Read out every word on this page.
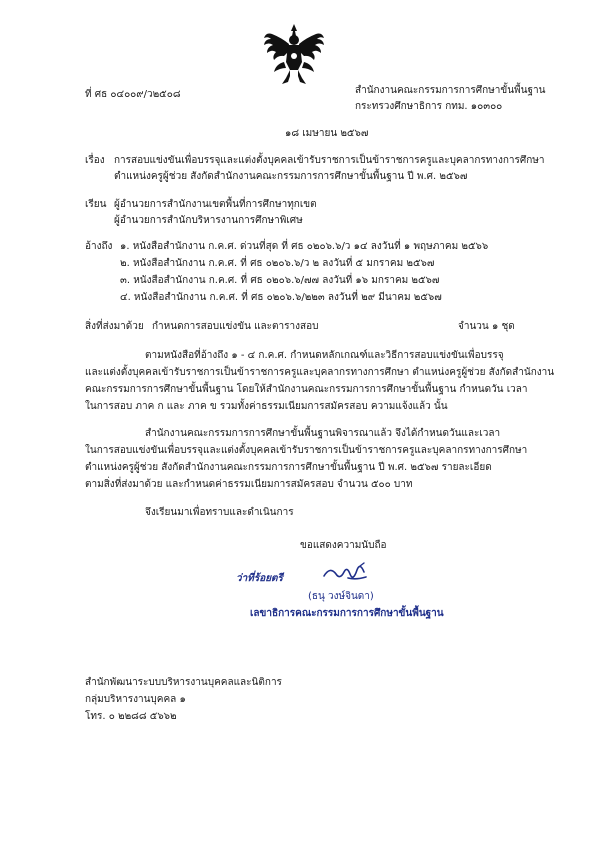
ที่ ศธ ๐๔๐๐๙/ว๒๕๐๘	สำนักงานคณะกรรมการการศึกษาขั้นพื้นฐาน
กระทรวงศึกษาธิการ กทม. ๑๐๓๐๐
๑๘ เมษายน ๒๕๖๗
เรื่อง การสอบแข่งขันเพื่อบรรจุและแต่งตั้งบุคคลเข้ารับราชการเป็นข้าราชการครูและบุคลากรทางการศึกษา
ตำแหน่งครูผู้ช่วย สังกัดสำนักงานคณะกรรมการการศึกษาขั้นพื้นฐาน ปี พ.ศ. ๒๕๖๗
เรียน ผู้อำนวยการสำนักงานเขตพื้นที่การศึกษาทุกเขต
ผู้อำนวยการสำนักบริหารงานการศึกษาพิเศษ
อ้างถึง ๑. หนังสือสำนักงาน ก.ค.ศ. ด่วนที่สุด ที่ ศธ ๐๒๐๖.๖/ว ๑๔ ลงวันที่ ๑ พฤษภาคม ๒๕๖๖
๒. หนังสือสำนักงาน ก.ค.ศ. ที่ ศธ ๐๒๐๖.๖/ว ๒ ลงวันที่ ๕ มกราคม ๒๕๖๗
๓. หนังสือสำนักงาน ก.ค.ศ. ที่ ศธ ๐๒๐๖.๖/๗๗ ลงวันที่ ๑๖ มกราคม ๒๕๖๗
๔. หนังสือสำนักงาน ก.ค.ศ. ที่ ศธ ๐๒๐๖.๖/๒๒๓ ลงวันที่ ๒๙ มีนาคม ๒๕๖๗
สิ่งที่ส่งมาด้วย กำหนดการสอบแข่งขัน และตารางสอบ	จำนวน ๑ ชุด
ตามหนังสือที่อ้างถึง ๑ - ๔ ก.ค.ศ. กำหนดหลักเกณฑ์และวิธีการสอบแข่งขันเพื่อบรรจุ
และแต่งตั้งบุคคลเข้ารับราชการเป็นข้าราชการครูและบุคลากรทางการศึกษา ตำแหน่งครูผู้ช่วย สังกัดสำนักงาน
คณะกรรมการการศึกษาขั้นพื้นฐาน โดยให้สำนักงานคณะกรรมการการศึกษาขั้นพื้นฐาน กำหนดวัน เวลา
ในการสอบ ภาค ก และ ภาค ข รวมทั้งค่าธรรมเนียมการสมัครสอบ ความแจ้งแล้ว นั้น
สำนักงานคณะกรรมการการศึกษาขั้นพื้นฐานพิจารณาแล้ว จึงได้กำหนดวันและเวลา
ในการสอบแข่งขันเพื่อบรรจุและแต่งตั้งบุคคลเข้ารับราชการเป็นข้าราชการครูและบุคลากรทางการศึกษา
ตำแหน่งครูผู้ช่วย สังกัดสำนักงานคณะกรรมการการศึกษาขั้นพื้นฐาน ปี พ.ศ. ๒๕๖๗ รายละเอียด
ตามสิ่งที่ส่งมาด้วย และกำหนดค่าธรรมเนียมการสมัครสอบ จำนวน ๕๐๐ บาท
จึงเรียนมาเพื่อทราบและดำเนินการ
ขอแสดงความนับถือ
ว่าที่ร้อยตรี
(ธนุ วงษ์จินดา)
เลขาธิการคณะกรรมการการศึกษาขั้นพื้นฐาน
สำนักพัฒนาระบบบริหารงานบุคคลและนิติการ
กลุ่มบริหารงานบุคคล ๑
โทร. ๐ ๒๒๘๘ ๕๖๖๒
